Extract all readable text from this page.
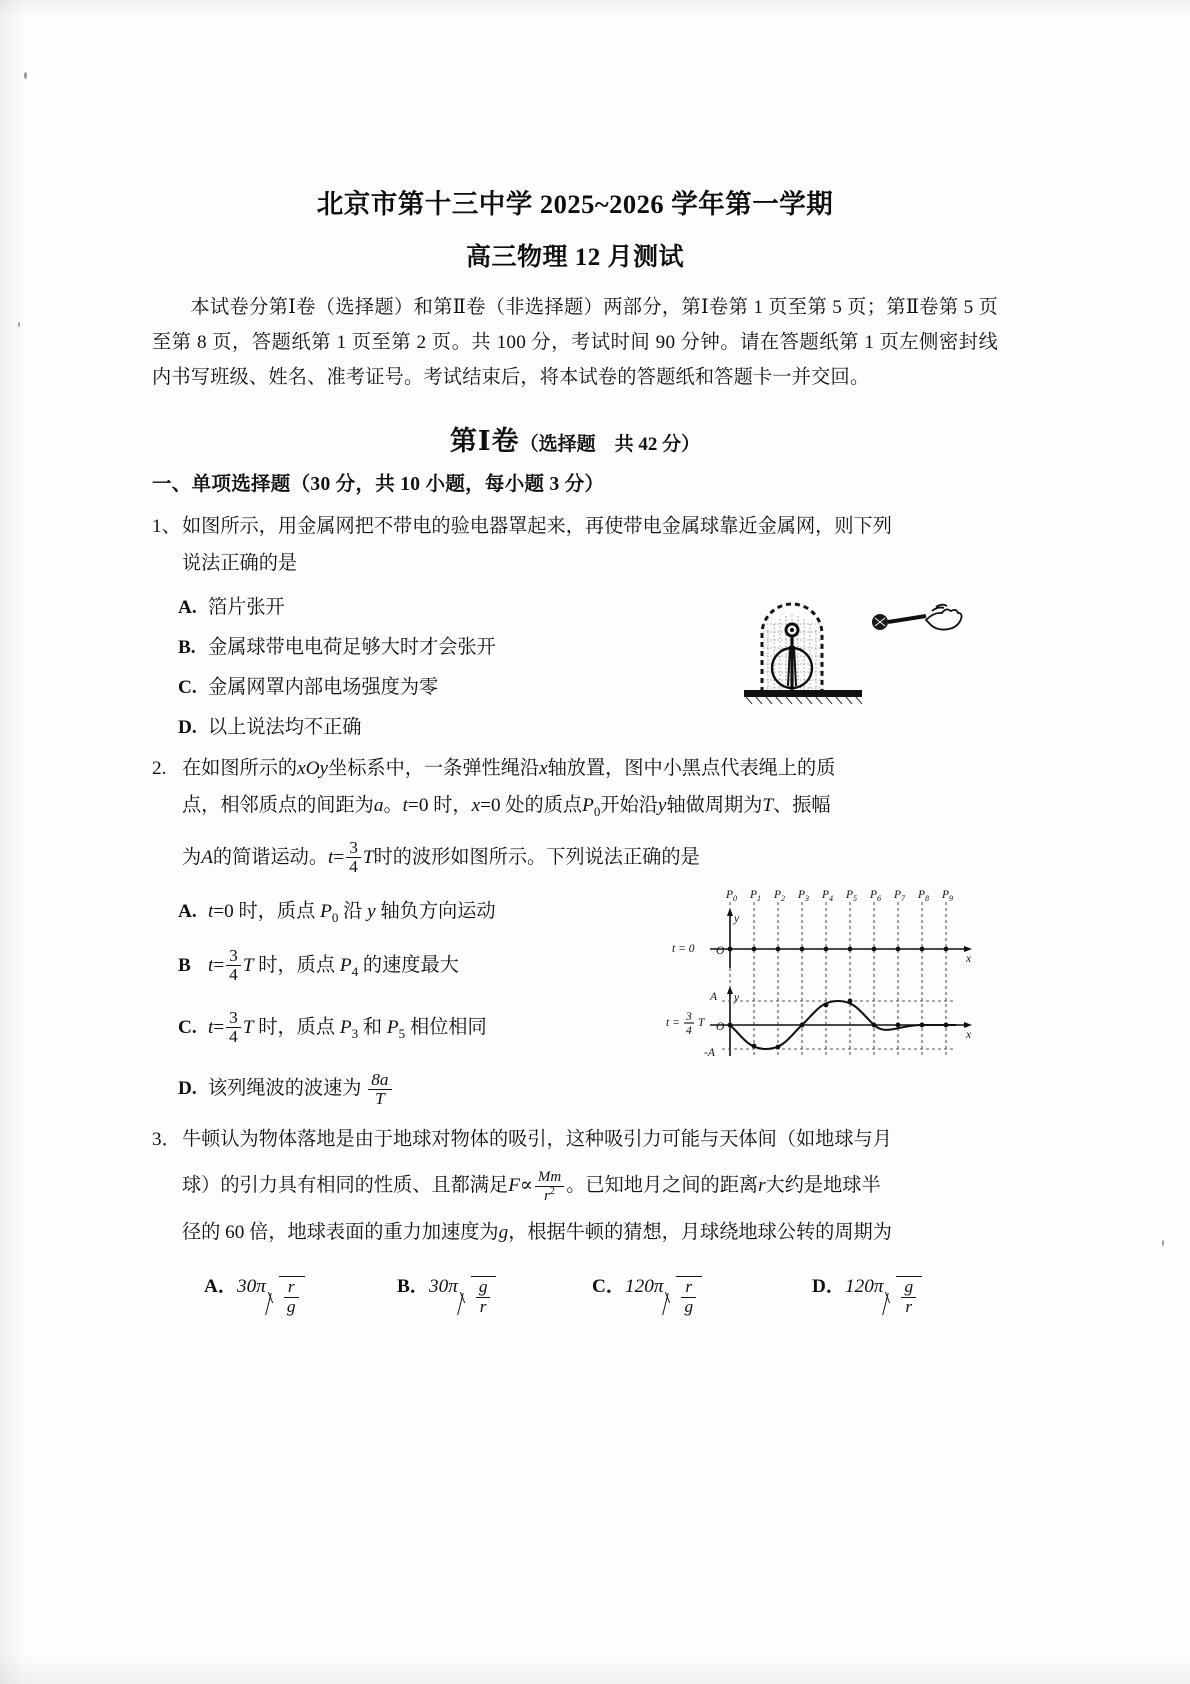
北京市第十三中学 2025~2026 学年第一学期
高三物理 12 月测试
本试卷分第Ⅰ卷（选择题）和第Ⅱ卷（非选择题）两部分，第Ⅰ卷第 1 页至第 5 页；第Ⅱ卷第 5 页至第 8 页，答题纸第 1 页至第 2 页。共 100 分，考试时间 90 分钟。请在答题纸第 1 页左侧密封线内书写班级、姓名、准考证号。考试结束后，将本试卷的答题纸和答题卡一并交回。
第Ⅰ卷（选择题　共 42 分）
一、单项选择题（30 分，共 10 小题，每小题 3 分）
1、 如图所示，用金属网把不带电的验电器罩起来，再使带电金属球靠近金属网，则下列
说法正确的是
A. 箔片张开
B. 金属球带电电荷足够大时才会张开
C. 金属网罩内部电场强度为零
D. 以上说法均不正确
2. 在如图所示的xOy坐标系中，一条弹性绳沿x轴放置，图中小黑点代表绳上的质
点，相邻质点的间距为a。t=0 时，x=0 处的质点$P_0$开始沿y轴做周期为T、振幅
为A的简谐运动。$t= \frac{3}{4}$ T时的波形如图所示。下列说法正确的是
A. t=0 时，质点 $P_0$ 沿 y 轴负方向运动
B $t= \frac{3}{4}$ T 时，质点 $P_4$ 的速度最大
C. $t= \frac{3}{4}$ T 时，质点 $P_3$ 和 $P_5$ 相位相同
D. 该列绳波的波速为 $\frac{8a}{T}$
3． 牛顿认为物体落地是由于地球对物体的吸引，这种吸引力可能与天体间（如地球与月
球）的引力具有相同的性质、且都满足$F\propto \frac{Mm}{r^2}$ 。已知地月之间的距离r大约是地球半
径的 60 倍，地球表面的重力加速度为g，根据牛顿的猜想，月球绕地球公转的周期为
A．$30\pi \frac{r}{g}$	B．$30\pi \frac{g}{r}$	C．$120\pi \frac{r}{g}$	D．$120\pi \frac{g}{r}$
$P_0$ $P_1$ $P_2$ $P_3$ $P_4$ $P_5$ $P_6$ $P_7$ $P_8$ $P_9$
t = 0 O
y
x
t = 3
4
T O
A
-A
y
x
